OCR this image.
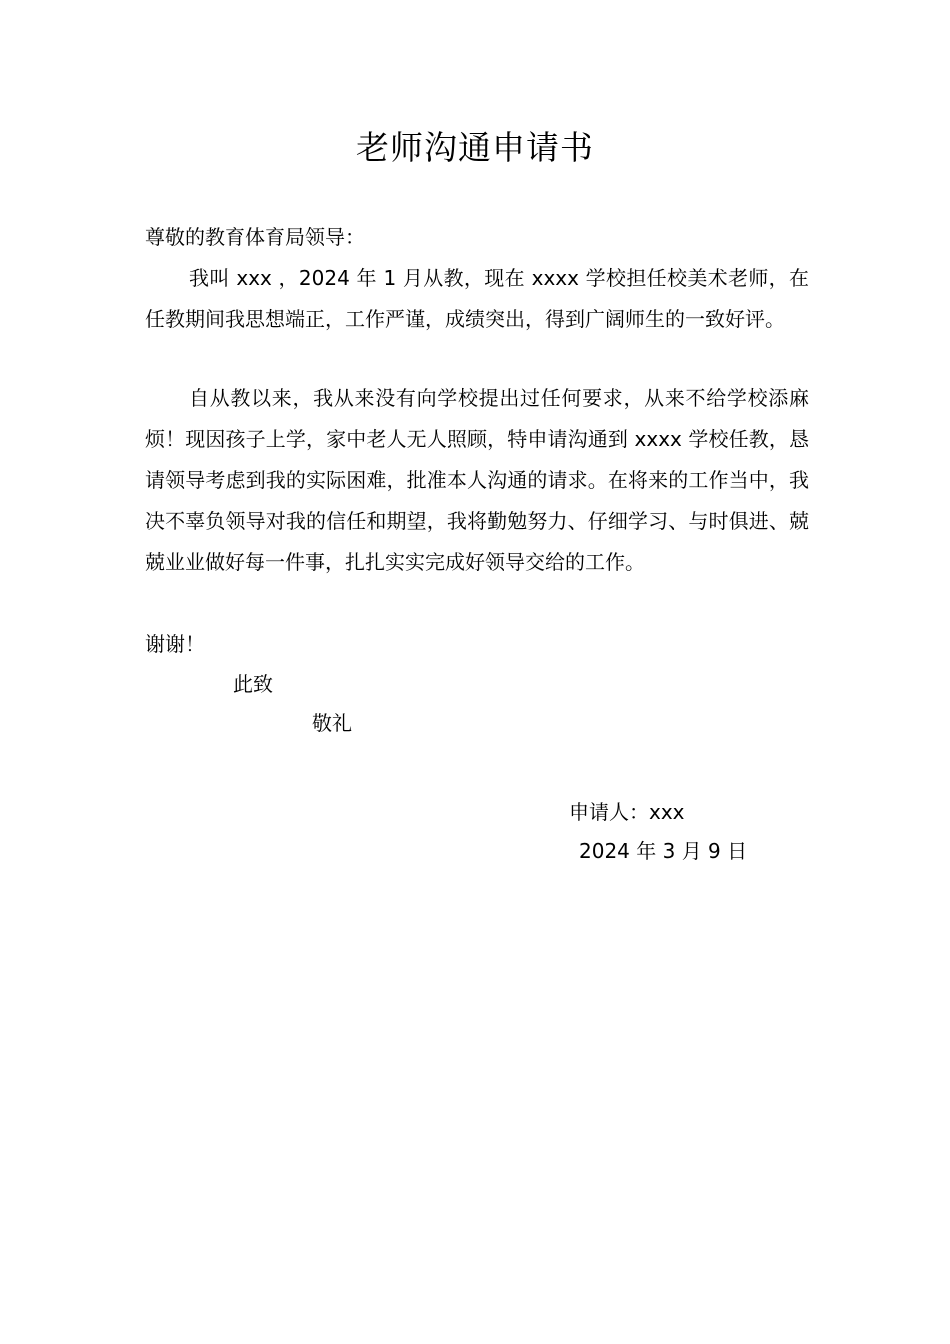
老师沟通申请书
尊敬的教育体育局领导：

我叫 xxx ，2024 年 1 月从教，现在 xxxx 学校担任校美术老师，在任教期间我思想端正，工作严谨，成绩突出，得到广阔师生的一致好评。

自从教以来，我从来没有向学校提出过任何要求，从来不给学校添麻烦！现因孩子上学，家中老人无人照顾，特申请沟通到 xxxx 学校任教，恳请领导考虑到我的实际困难，批准本人沟通的请求。在将来的工作当中，我决不辜负领导对我的信任和期望，我将勤勉努力、仔细学习、与时俱进、兢兢业业做好每一件事，扎扎实实完成好领导交给的工作。

谢谢！
此致
敬礼
申请人：xxx
2024 年 3 月 9 日
